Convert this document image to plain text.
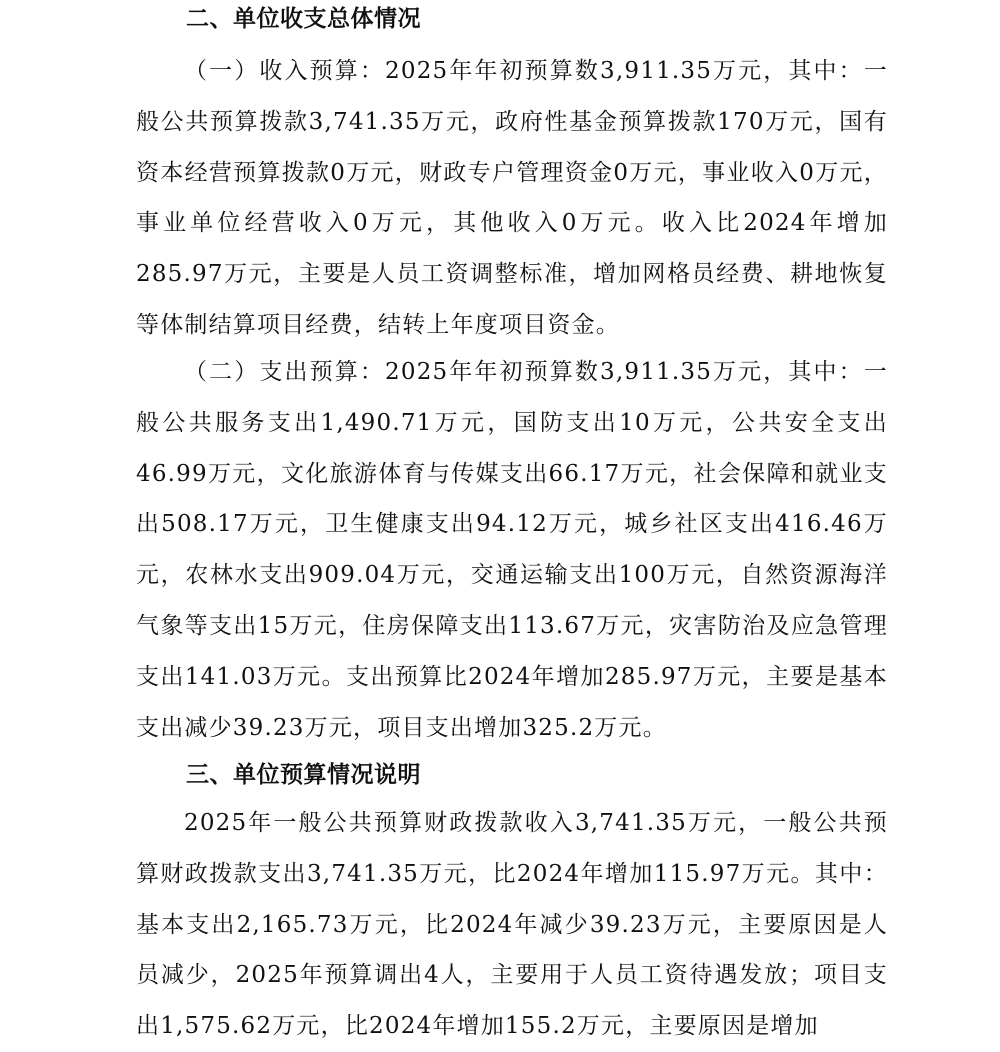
二、单位收支总体情况

（一）收入预算：2025年年初预算数3,911.35万元，其中：一般公共预算拨款3,741.35万元，政府性基金预算拨款170万元，国有资本经营预算拨款0万元，财政专户管理资金0万元，事业收入0万元，事业单位经营收入0万元，其他收入0万元。收入比2024年增加285.97万元，主要是人员工资调整标准，增加网格员经费、耕地恢复等体制结算项目经费，结转上年度项目资金。

（二）支出预算：2025年年初预算数3,911.35万元，其中：一般公共服务支出1,490.71万元，国防支出10万元，公共安全支出46.99万元，文化旅游体育与传媒支出66.17万元，社会保障和就业支出508.17万元，卫生健康支出94.12万元，城乡社区支出416.46万元，农林水支出909.04万元，交通运输支出100万元，自然资源海洋气象等支出15万元，住房保障支出113.67万元，灾害防治及应急管理支出141.03万元。支出预算比2024年增加285.97万元，主要是基本支出减少39.23万元，项目支出增加325.2万元。

三、单位预算情况说明

2025年一般公共预算财政拨款收入3,741.35万元，一般公共预算财政拨款支出3,741.35万元，比2024年增加115.97万元。其中：基本支出2,165.73万元，比2024年减少39.23万元，主要原因是人员减少，2025年预算调出4人，主要用于人员工资待遇发放；项目支出1,575.62万元，比2024年增加155.2万元，主要原因是增加
